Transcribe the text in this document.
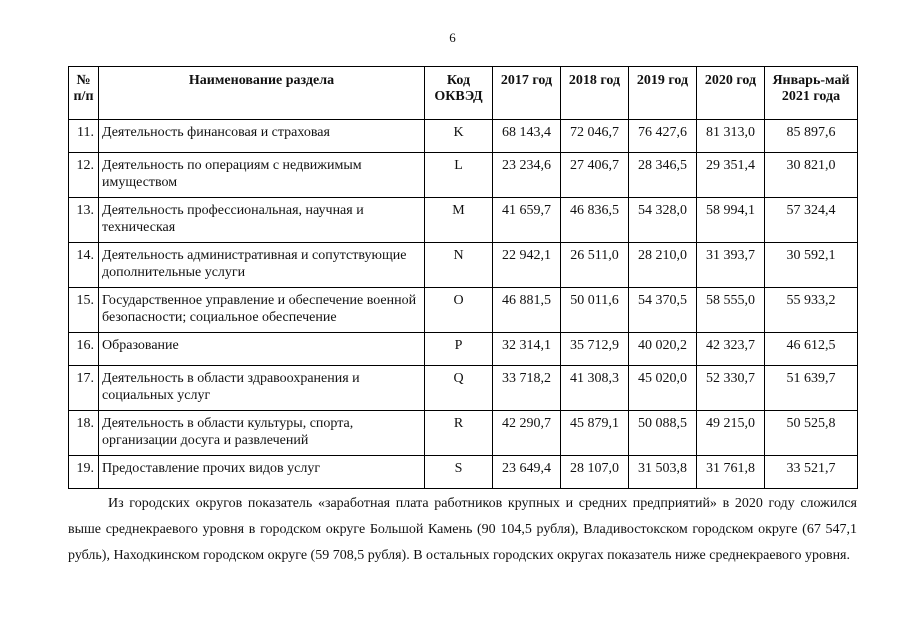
6
№ п/п	Наименование раздела	Код ОКВЭД	2017 год	2018 год	2019 год	2020 год	Январь-май 2021 года
11.	Деятельность финансовая и страховая	K	68 143,4	72 046,7	76 427,6	81 313,0	85 897,6
12.	Деятельность по операциям с недвижимым имуществом	L	23 234,6	27 406,7	28 346,5	29 351,4	30 821,0
13.	Деятельность профессиональная, научная и техническая	M	41 659,7	46 836,5	54 328,0	58 994,1	57 324,4
14.	Деятельность административная и сопутствующие дополнительные услуги	N	22 942,1	26 511,0	28 210,0	31 393,7	30 592,1
15.	Государственное управление и обеспечение военной безопасности; социальное обеспечение	O	46 881,5	50 011,6	54 370,5	58 555,0	55 933,2
16.	Образование	P	32 314,1	35 712,9	40 020,2	42 323,7	46 612,5
17.	Деятельность в области здравоохранения и социальных услуг	Q	33 718,2	41 308,3	45 020,0	52 330,7	51 639,7
18.	Деятельность в области культуры, спорта, организации досуга и развлечений	R	42 290,7	45 879,1	50 088,5	49 215,0	50 525,8
19.	Предоставление прочих видов услуг	S	23 649,4	28 107,0	31 503,8	31 761,8	33 521,7

Из городских округов показатель «заработная плата работников крупных и средних предприятий» в 2020 году сложился выше среднекраевого уровня в городском округе Большой Камень (90 104,5 рубля), Владивостокском городском округе (67 547,1 рубль), Находкинском городском округе (59 708,5 рубля). В остальных городских округах показатель ниже среднекраевого уровня.
